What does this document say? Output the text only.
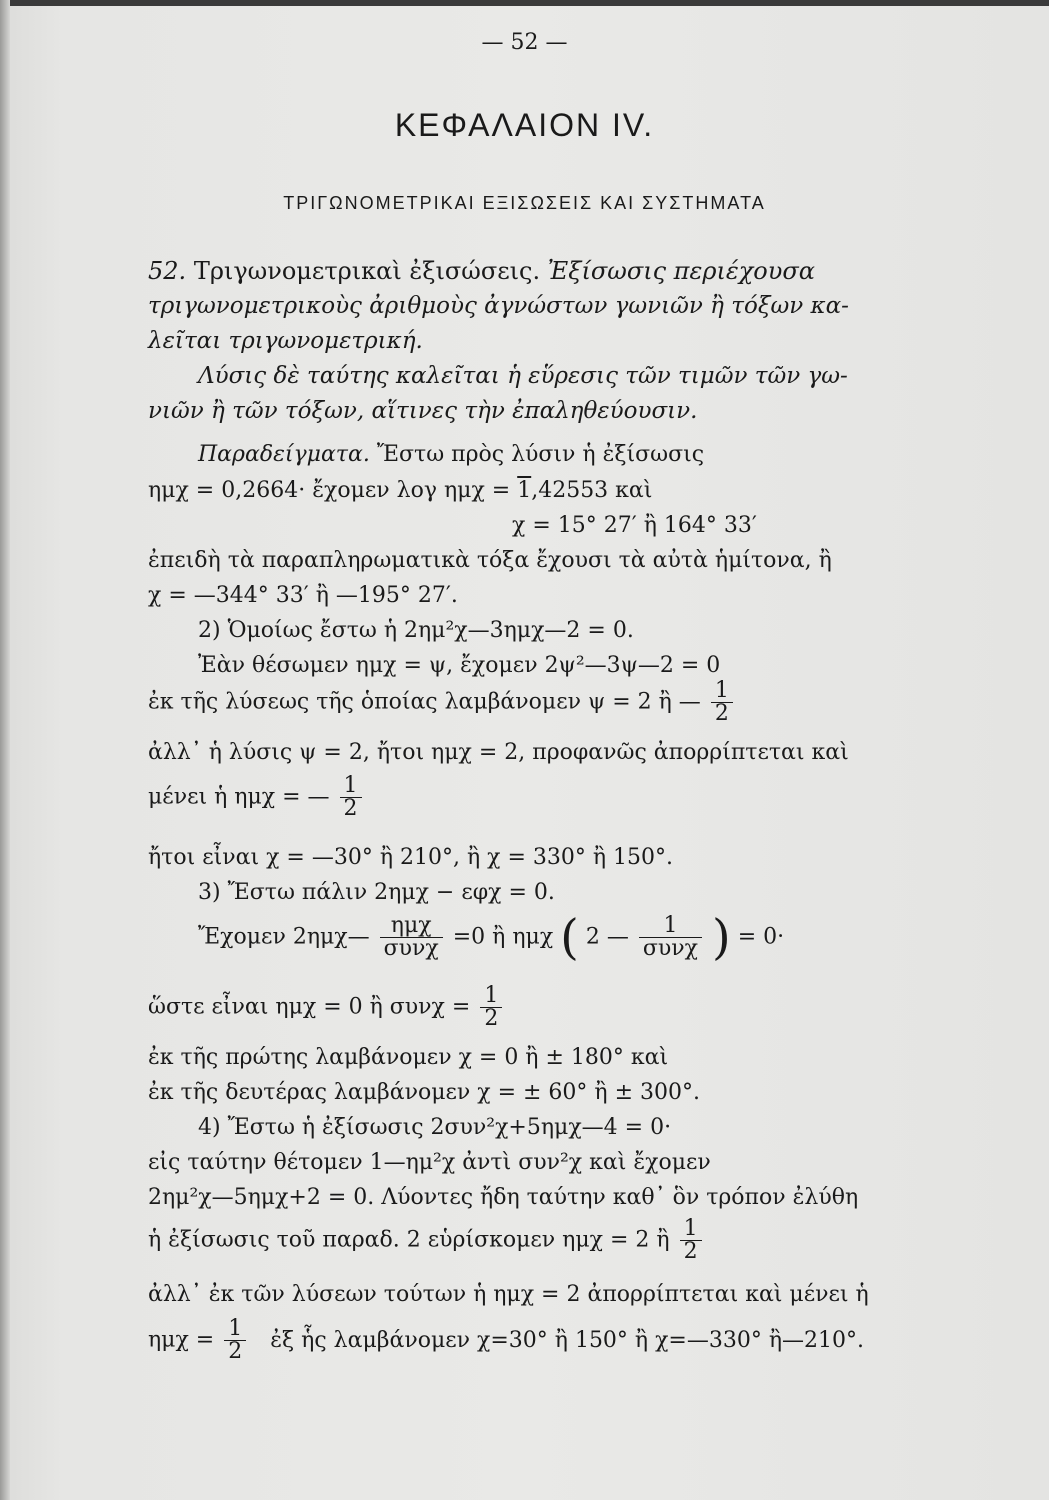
— 52 —
ΚΕΦΑΛΑΙΟΝ IV.
ΤΡΙΓΩΝΟΜΕΤΡΙΚΑΙ ΕΞΙΣΩΣΕΙΣ ΚΑΙ ΣΥΣΤΗΜΑΤΑ
52. Τριγωνομετρικαὶ ἐξισώσεις. Ἐξίσωσις περιέχουσα
τριγωνομετρικοὺς ἀριθμοὺς ἀγνώστων γωνιῶν ἢ τόξων κα-
λεῖται τριγωνομετρική.
Λύσις δὲ ταύτης καλεῖται ἡ εὕρεσις τῶν τιμῶν τῶν γω-
νιῶν ἢ τῶν τόξων, αἵτινες τὴν ἐπαληθεύουσιν.
Παραδείγματα. Ἔστω πρὸς λύσιν ἡ ἐξίσωσις
ημχ = 0,2664· ἔχομεν λογ ημχ = 1,42553 καὶ
χ = 15° 27′ ἢ 164° 33′
ἐπειδὴ τὰ παραπληρωματικὰ τόξα ἔχουσι τὰ αὐτὰ ἡμίτονα, ἢ
χ = —344° 33′ ἢ —195° 27′.
2) Ὁμοίως ἔστω ἡ 2ημ²χ—3ημχ—2 = 0.
Ἐὰν θέσωμεν ημχ = ψ, ἔχομεν 2ψ²—3ψ—2 = 0
ἐκ τῆς λύσεως τῆς ὁποίας λαμβάνομεν ψ = 2 ἢ — $\frac{1}{2}$
ἀλλ᾽ ἡ λύσις ψ = 2, ἤτοι ημχ = 2, προφανῶς ἀπορρίπτεται καὶ
μένει ἡ ημχ = — $\frac{1}{2}$
ἤτοι εἶναι χ = —30° ἢ 210°, ἢ χ = 330° ἢ 150°.
3) Ἔστω πάλιν 2ημχ − εφχ = 0.
Ἔχομεν 2ημχ— $\frac{\text{ημχ}}{\text{συνχ}} =0$ ἢ ημχ ( 2 — $\frac{1}{\text{συνχ}}$ ) = 0·
ὥστε εἶναι ημχ = 0 ἢ $\sigma\upsilon\nu\chi = \frac{1}{2}$
ἐκ τῆς πρώτης λαμβάνομεν χ = 0 ἢ ± 180° καὶ
ἐκ τῆς δευτέρας λαμβάνομεν χ = ± 60° ἢ ± 300°.
4) Ἔστω ἡ ἐξίσωσις 2συν²χ+5ημχ—4 = 0·
εἰς ταύτην θέτομεν 1—ημ²χ ἀντὶ συν²χ καὶ ἔχομεν
2ημ²χ—5ημχ+2 = 0. Λύοντες ἤδη ταύτην καθ᾽ ὃν τρόπον ἐλύθη
ἡ ἐξίσωσις τοῦ παραδ. 2 εὑρίσκομεν ημχ = 2 ἢ $\frac{1}{2}$
ἀλλ᾽ ἐκ τῶν λύσεων τούτων ἡ ημχ = 2 ἀπορρίπτεται καὶ μένει ἡ
$\eta\mu\chi = \frac{1}{2}$ ἐξ ἧς λαμβάνομεν χ=30° ἢ 150° ἢ χ=—330° ἢ—210°.
